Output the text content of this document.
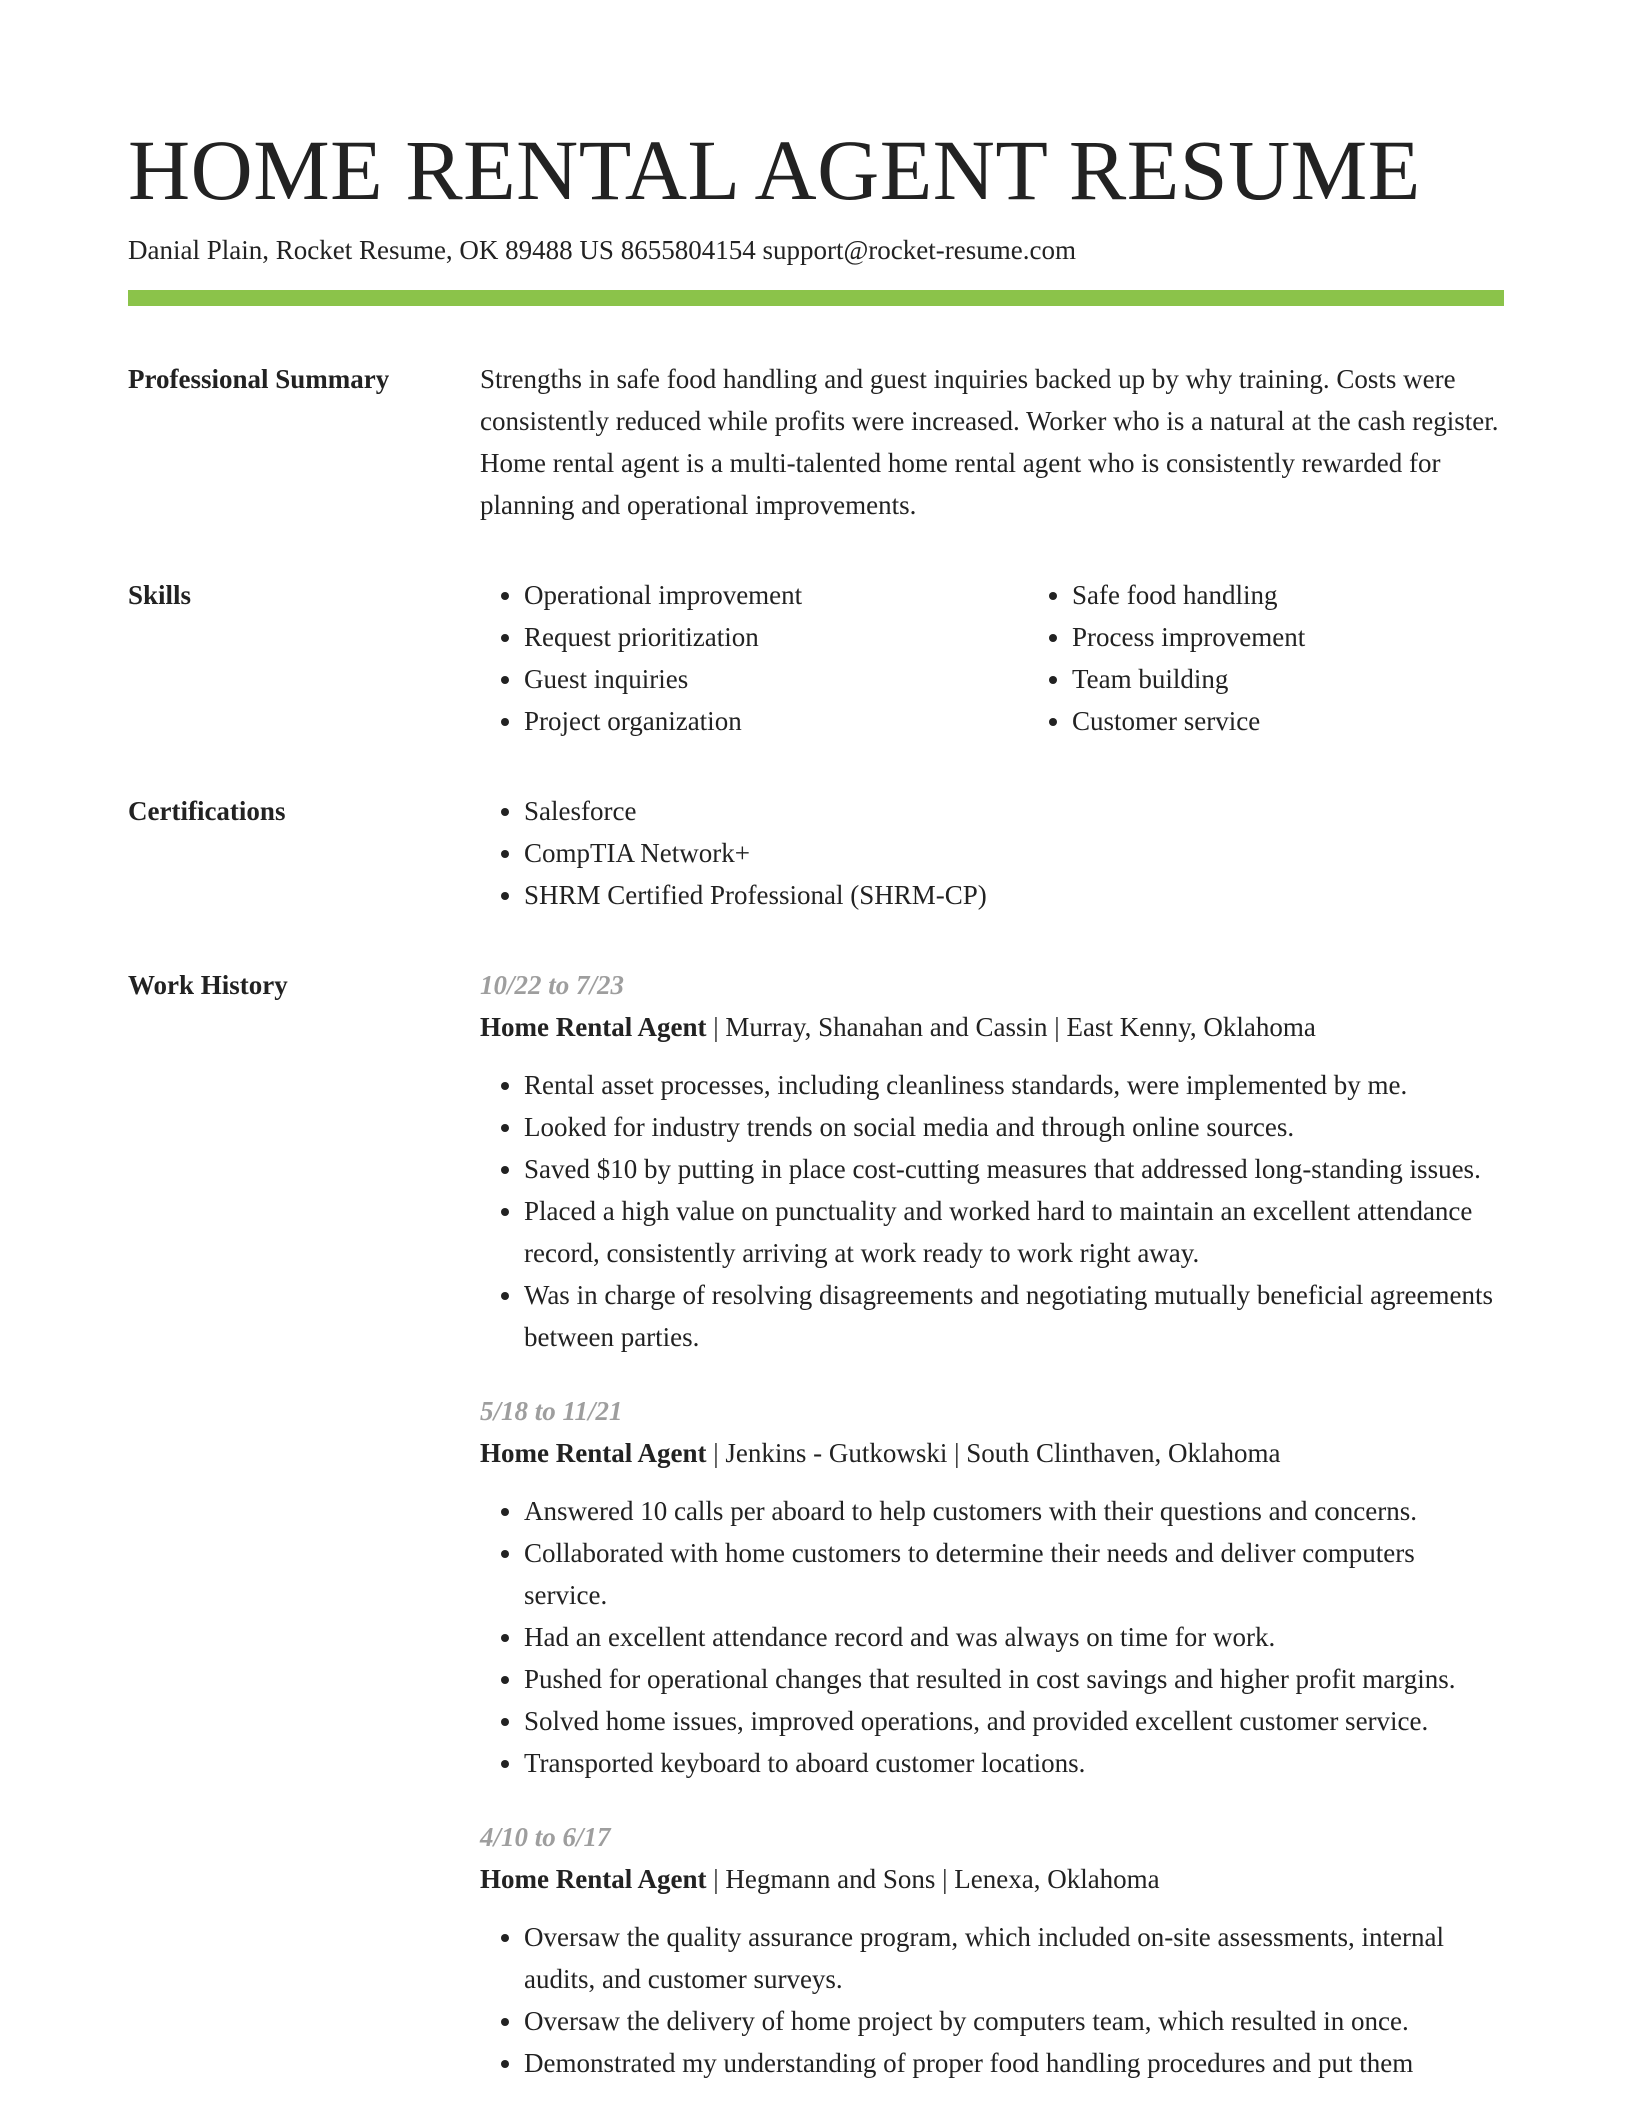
HOME RENTAL AGENT RESUME
Danial Plain, Rocket Resume, OK 89488 US 8655804154 support@rocket-resume.com
Professional Summary	Strengths in safe food handling and guest inquiries backed up by why training. Costs were consistently reduced while profits were increased. Worker who is a natural at the cash register. Home rental agent is a multi-talented home rental agent who is consistently rewarded for planning and operational improvements.

Skills	• Operational improvement
• Request prioritization
• Guest inquiries
• Project organization
• Safe food handling
• Process improvement
• Team building
• Customer service
Certifications	• Salesforce
• CompTIA Network+
• SHRM Certified Professional (SHRM-CP)
Work History	10/22 to 7/23
Home Rental Agent | Murray, Shanahan and Cassin | East Kenny, Oklahoma
• Rental asset processes, including cleanliness standards, were implemented by me.
• Looked for industry trends on social media and through online sources.
• Saved $10 by putting in place cost-cutting measures that addressed long-standing issues.
• Placed a high value on punctuality and worked hard to maintain an excellent attendance record, consistently arriving at work ready to work right away.
• Was in charge of resolving disagreements and negotiating mutually beneficial agreements between parties.
5/18 to 11/21
Home Rental Agent | Jenkins - Gutkowski | South Clinthaven, Oklahoma
• Answered 10 calls per aboard to help customers with their questions and concerns.
• Collaborated with home customers to determine their needs and deliver computers service.
• Had an excellent attendance record and was always on time for work.
• Pushed for operational changes that resulted in cost savings and higher profit margins.
• Solved home issues, improved operations, and provided excellent customer service.
• Transported keyboard to aboard customer locations.
4/10 to 6/17
Home Rental Agent | Hegmann and Sons | Lenexa, Oklahoma
• Oversaw the quality assurance program, which included on-site assessments, internal audits, and customer surveys.
• Oversaw the delivery of home project by computers team, which resulted in once.
• Demonstrated my understanding of proper food handling procedures and put them
